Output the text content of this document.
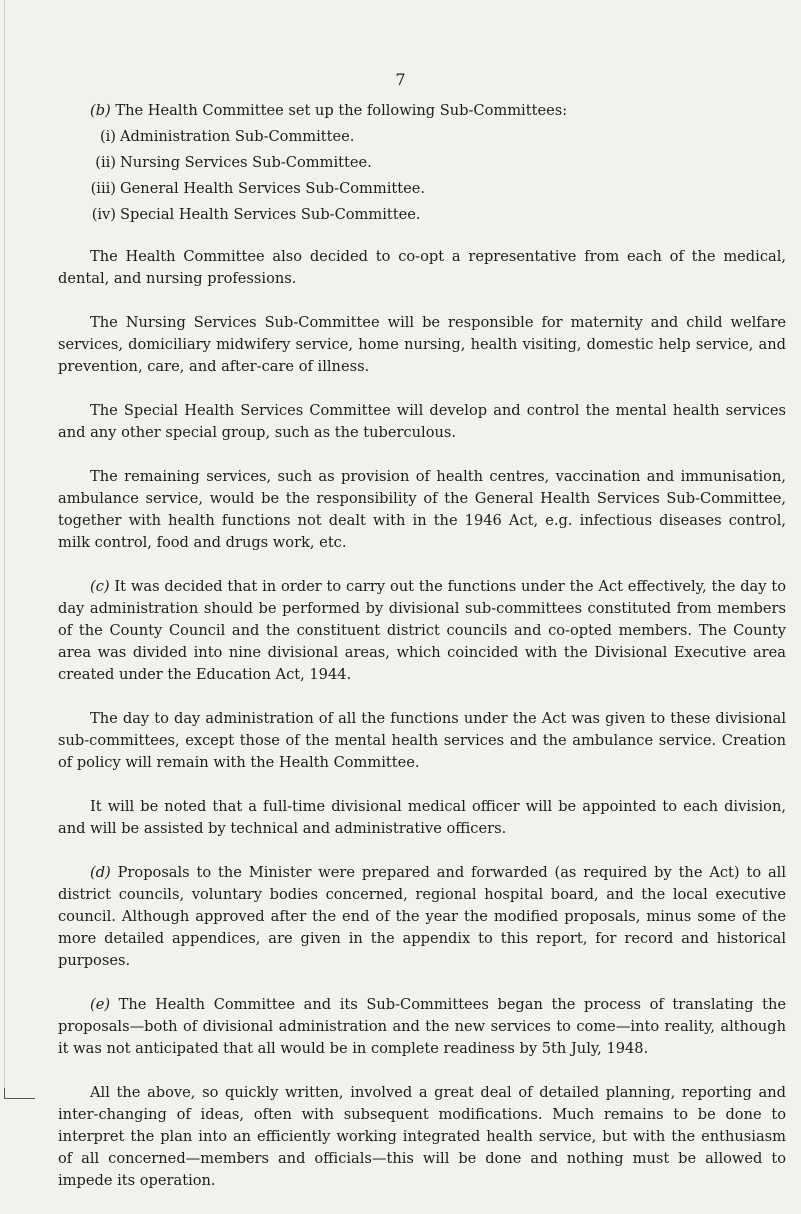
7

(b) The Health Committee set up the following Sub-Committees:

(i) Administration Sub-Committee.
(ii) Nursing Services Sub-Committee.
(iii) General Health Services Sub-Committee.
(iv) Special Health Services Sub-Committee.

The Health Committee also decided to co-opt a representative from each of the medical, dental, and nursing professions.

The Nursing Services Sub-Committee will be responsible for maternity and child welfare services, domiciliary midwifery service, home nursing, health visiting, domestic help service, and prevention, care, and after-care of illness.

The Special Health Services Committee will develop and control the mental health services and any other special group, such as the tuberculous.

The remaining services, such as provision of health centres, vaccination and immunisation, ambulance service, would be the responsibility of the General Health Services Sub-Committee, together with health functions not dealt with in the 1946 Act, e.g. infectious diseases control, milk control, food and drugs work, etc.

(c) It was decided that in order to carry out the functions under the Act effectively, the day to day administration should be performed by divisional sub-committees constituted from members of the County Council and the constituent district councils and co-opted members. The County area was divided into nine divisional areas, which coincided with the Divisional Executive area created under the Education Act, 1944.

The day to day administration of all the functions under the Act was given to these divisional sub-committees, except those of the mental health services and the ambulance service. Creation of policy will remain with the Health Committee.

It will be noted that a full-time divisional medical officer will be appointed to each division, and will be assisted by technical and administrative officers.

(d) Proposals to the Minister were prepared and forwarded (as required by the Act) to all district councils, voluntary bodies concerned, regional hospital board, and the local executive council. Although approved after the end of the year the modified proposals, minus some of the more detailed appendices, are given in the appendix to this report, for record and historical purposes.

(e) The Health Committee and its Sub-Committees began the process of translating the proposals—both of divisional administration and the new services to come—into reality, although it was not anticipated that all would be in complete readiness by 5th July, 1948.

All the above, so quickly written, involved a great deal of detailed planning, reporting and inter-changing of ideas, often with subsequent modifications. Much remains to be done to interpret the plan into an efficiently working integrated health service, but with the enthusiasm of all concerned—members and officials—this will be done and nothing must be allowed to impede its operation.
